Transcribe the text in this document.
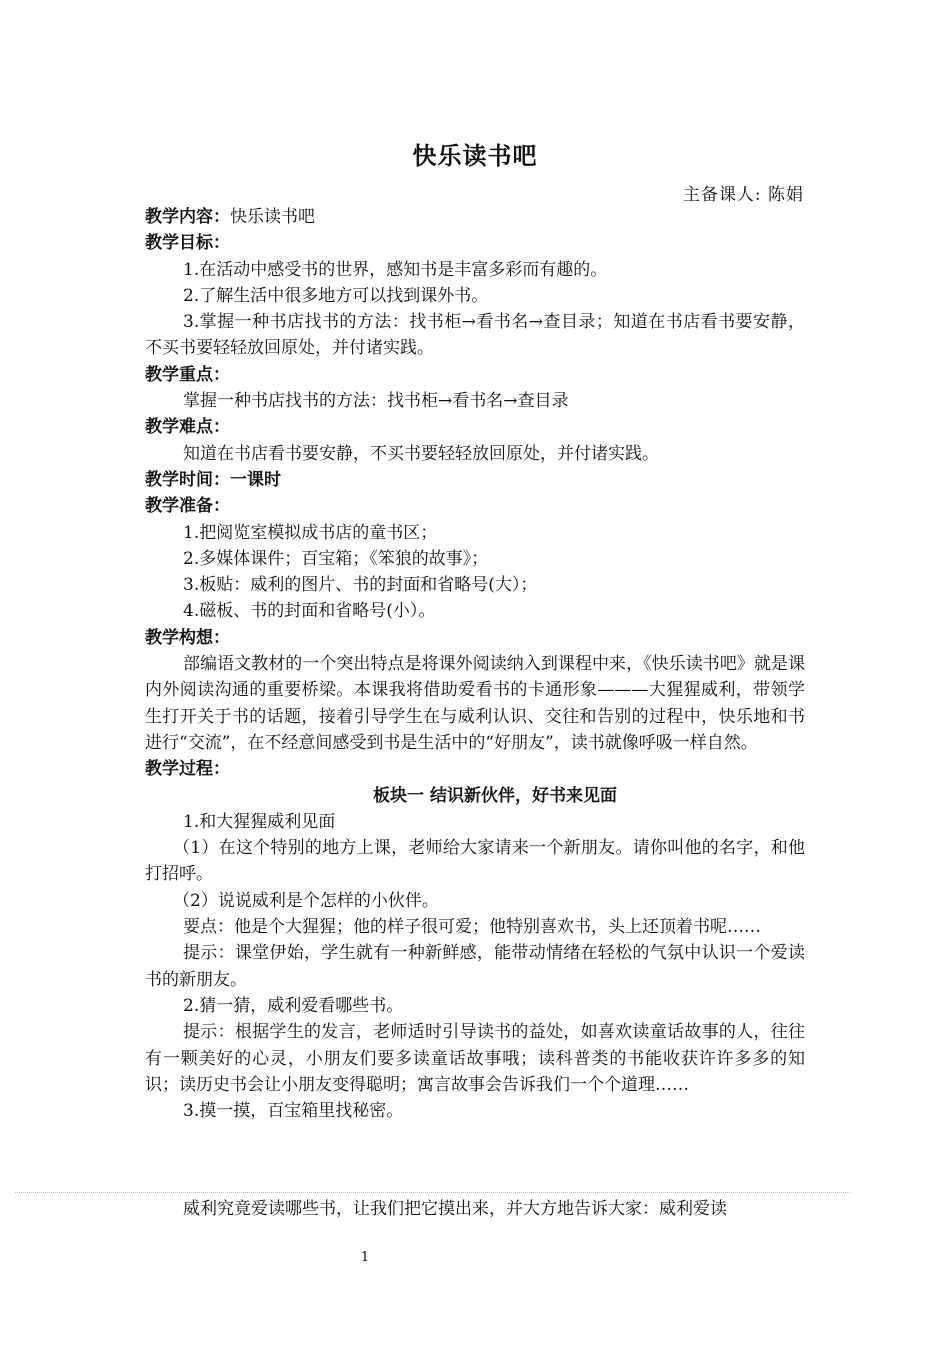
快乐读书吧
主备课人: 陈娟

教学内容：快乐读书吧

教学目标：

1.在活动中感受书的世界，感知书是丰富多彩而有趣的。

2.了解生活中很多地方可以找到课外书。

3.掌握一种书店找书的方法：找书柜→看书名→查目录；知道在书店看书要安静，不买书要轻轻放回原处，并付诸实践。

教学重点：

掌握一种书店找书的方法：找书柜→看书名→查目录

教学难点：

知道在书店看书要安静，不买书要轻轻放回原处，并付诸实践。

教学时间：一课时

教学准备：

1.把阅览室模拟成书店的童书区；

2.多媒体课件；百宝箱；《笨狼的故事》；

3.板贴：威利的图片、书的封面和省略号(大）；

4.磁板、书的封面和省略号(小）。

教学构想：

部编语文教材的一个突出特点是将课外阅读纳入到课程中来，《快乐读书吧》就是课内外阅读沟通的重要桥梁。本课我将借助爱看书的卡通形象———大猩猩威利，带领学生打开关于书的话题，接着引导学生在与威利认识、交往和告别的过程中，快乐地和书进行“交流”，在不经意间感受到书是生活中的“好朋友”，读书就像呼吸一样自然。

教学过程：

板块一 结识新伙伴，好书来见面

1.和大猩猩威利见面

（1）在这个特别的地方上课，老师给大家请来一个新朋友。请你叫他的名字，和他打招呼。

（2）说说威利是个怎样的小伙伴。

要点：他是个大猩猩；他的样子很可爱；他特别喜欢书，头上还顶着书呢……

提示：课堂伊始，学生就有一种新鲜感，能带动情绪在轻松的气氛中认识一个爱读书的新朋友。

2.猜一猜，威利爱看哪些书。

提示：根据学生的发言，老师适时引导读书的益处，如喜欢读童话故事的人，往往有一颗美好的心灵，小朋友们要多读童话故事哦；读科普类的书能收获许许多多的知识；读历史书会让小朋友变得聪明；寓言故事会告诉我们一个个道理……

3.摸一摸，百宝箱里找秘密。

威利究竟爱读哪些书，让我们把它摸出来，并大方地告诉大家：威利爱读

1
